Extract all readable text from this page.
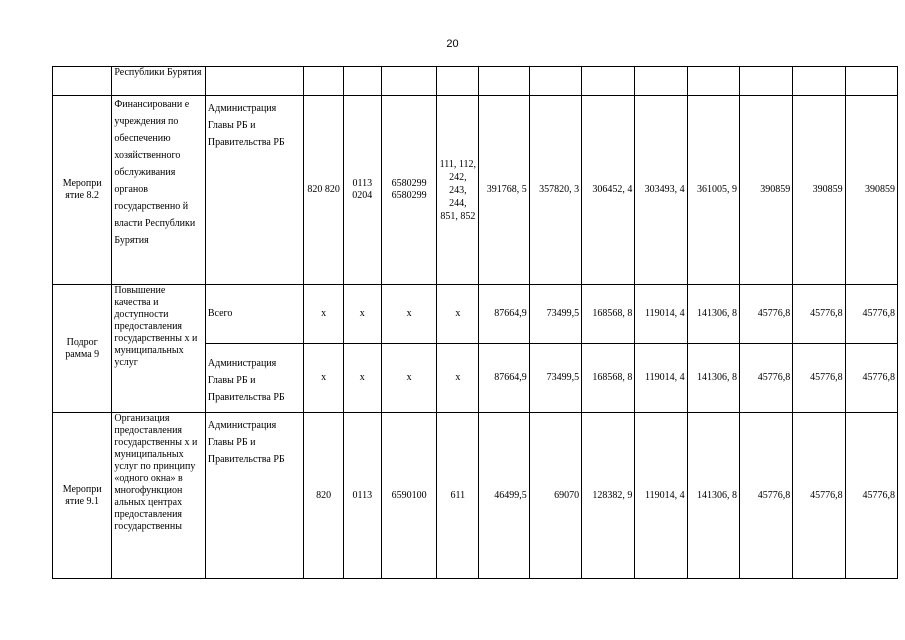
20
	Республики Бурятия													
Меропри ятие 8.2	Финансировани е учреждения по обеспечению хозяйственного обслуживания органов государственно й власти Республики Бурятия	Администрация Главы РБ и Правительства РБ	820 820	0113 0204	6580299 6580299	111, 112, 242, 243, 244, 851, 852	391768, 5	357820, 3	306452, 4	303493, 4	361005, 9	390859	390859	390859
Подрог рамма 9	Повышение качества и доступности предоставления государственны х и муниципальных услуг	Всего	x	x	x	x	87664,9	73499,5	168568, 8	119014, 4	141306, 8	45776,8	45776,8	45776,8
		Администрация Главы РБ и Правительства РБ	x	x	x	x	87664,9	73499,5	168568, 8	119014, 4	141306, 8	45776,8	45776,8	45776,8
Меропри ятие 9.1	Организация предоставления государственны х и муниципальных услуг по принципу «одного окна» в многофункцион альных центрах предоставления государственны	Администрация Главы РБ и Правительства РБ	820	0113	6590100	611	46499,5	69070	128382, 9	119014, 4	141306, 8	45776,8	45776,8	45776,8
